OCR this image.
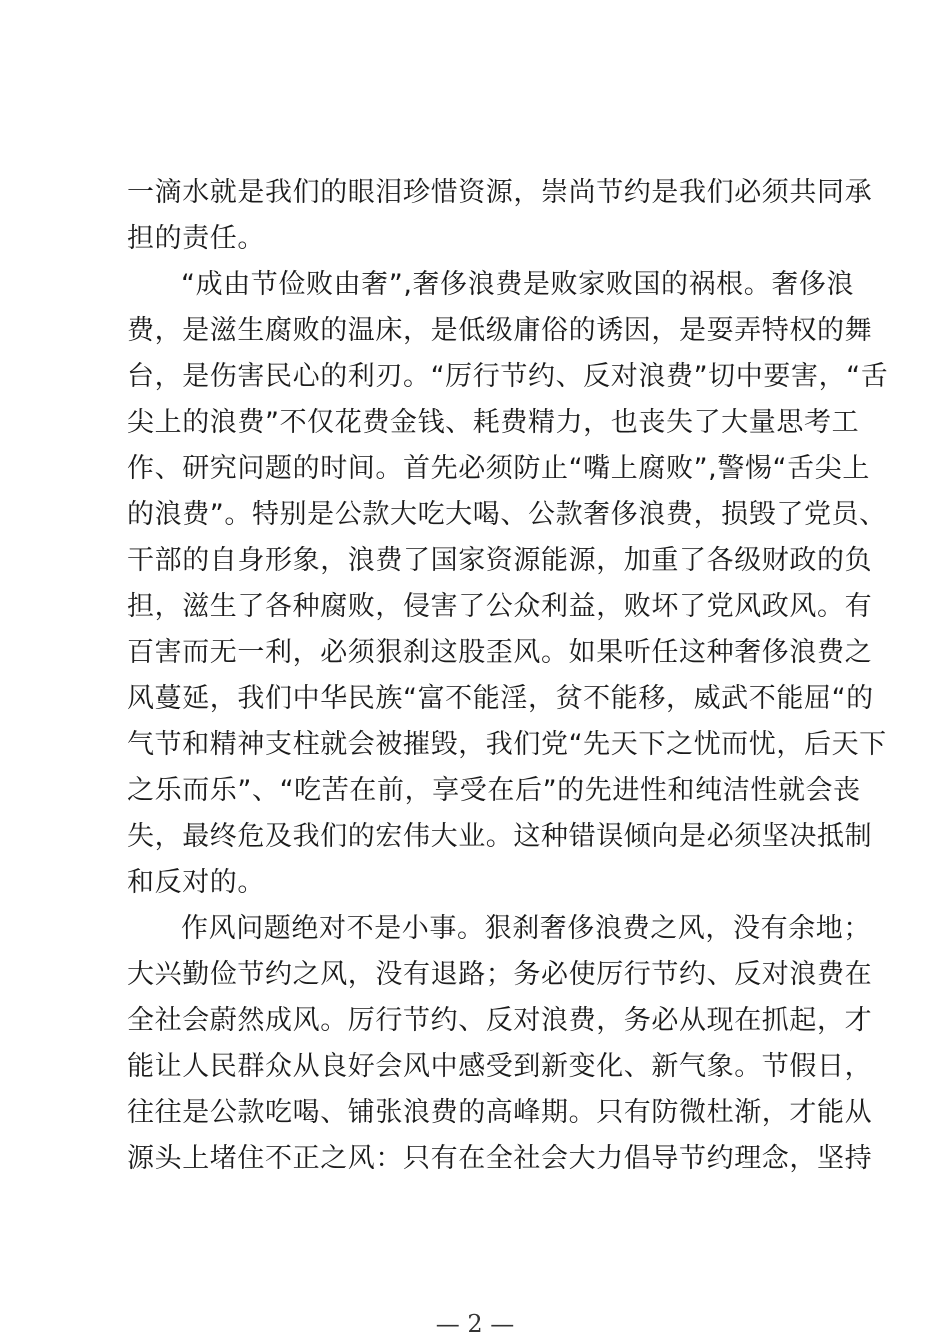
一滴水就是我们的眼泪珍惜资源，崇尚节约是我们必须共同承
担的责任。
“成由节俭败由奢”,奢侈浪费是败家败国的祸根。奢侈浪
费，是滋生腐败的温床，是低级庸俗的诱因，是耍弄特权的舞
台，是伤害民心的利刃。“厉行节约、反对浪费”切中要害，“舌
尖上的浪费”不仅花费金钱、耗费精力，也丧失了大量思考工
作、研究问题的时间。首先必须防止“嘴上腐败”,警惕“舌尖上
的浪费”。特别是公款大吃大喝、公款奢侈浪费，损毁了党员、
干部的自身形象，浪费了国家资源能源，加重了各级财政的负
担，滋生了各种腐败，侵害了公众利益，败坏了党风政风。有
百害而无一利，必须狠刹这股歪风。如果听任这种奢侈浪费之
风蔓延，我们中华民族“富不能淫，贫不能移，威武不能屈“的
气节和精神支柱就会被摧毁，我们党“先天下之忧而忧，后天下
之乐而乐”、“吃苦在前，享受在后”的先进性和纯洁性就会丧
失，最终危及我们的宏伟大业。这种错误倾向是必须坚决抵制
和反对的。
作风问题绝对不是小事。狠刹奢侈浪费之风，没有余地；
大兴勤俭节约之风，没有退路；务必使厉行节约、反对浪费在
全社会蔚然成风。厉行节约、反对浪费，务必从现在抓起，才
能让人民群众从良好会风中感受到新变化、新气象。节假日，
往往是公款吃喝、铺张浪费的高峰期。只有防微杜渐，才能从
源头上堵住不正之风：只有在全社会大力倡导节约理念，坚持
— 2 —
